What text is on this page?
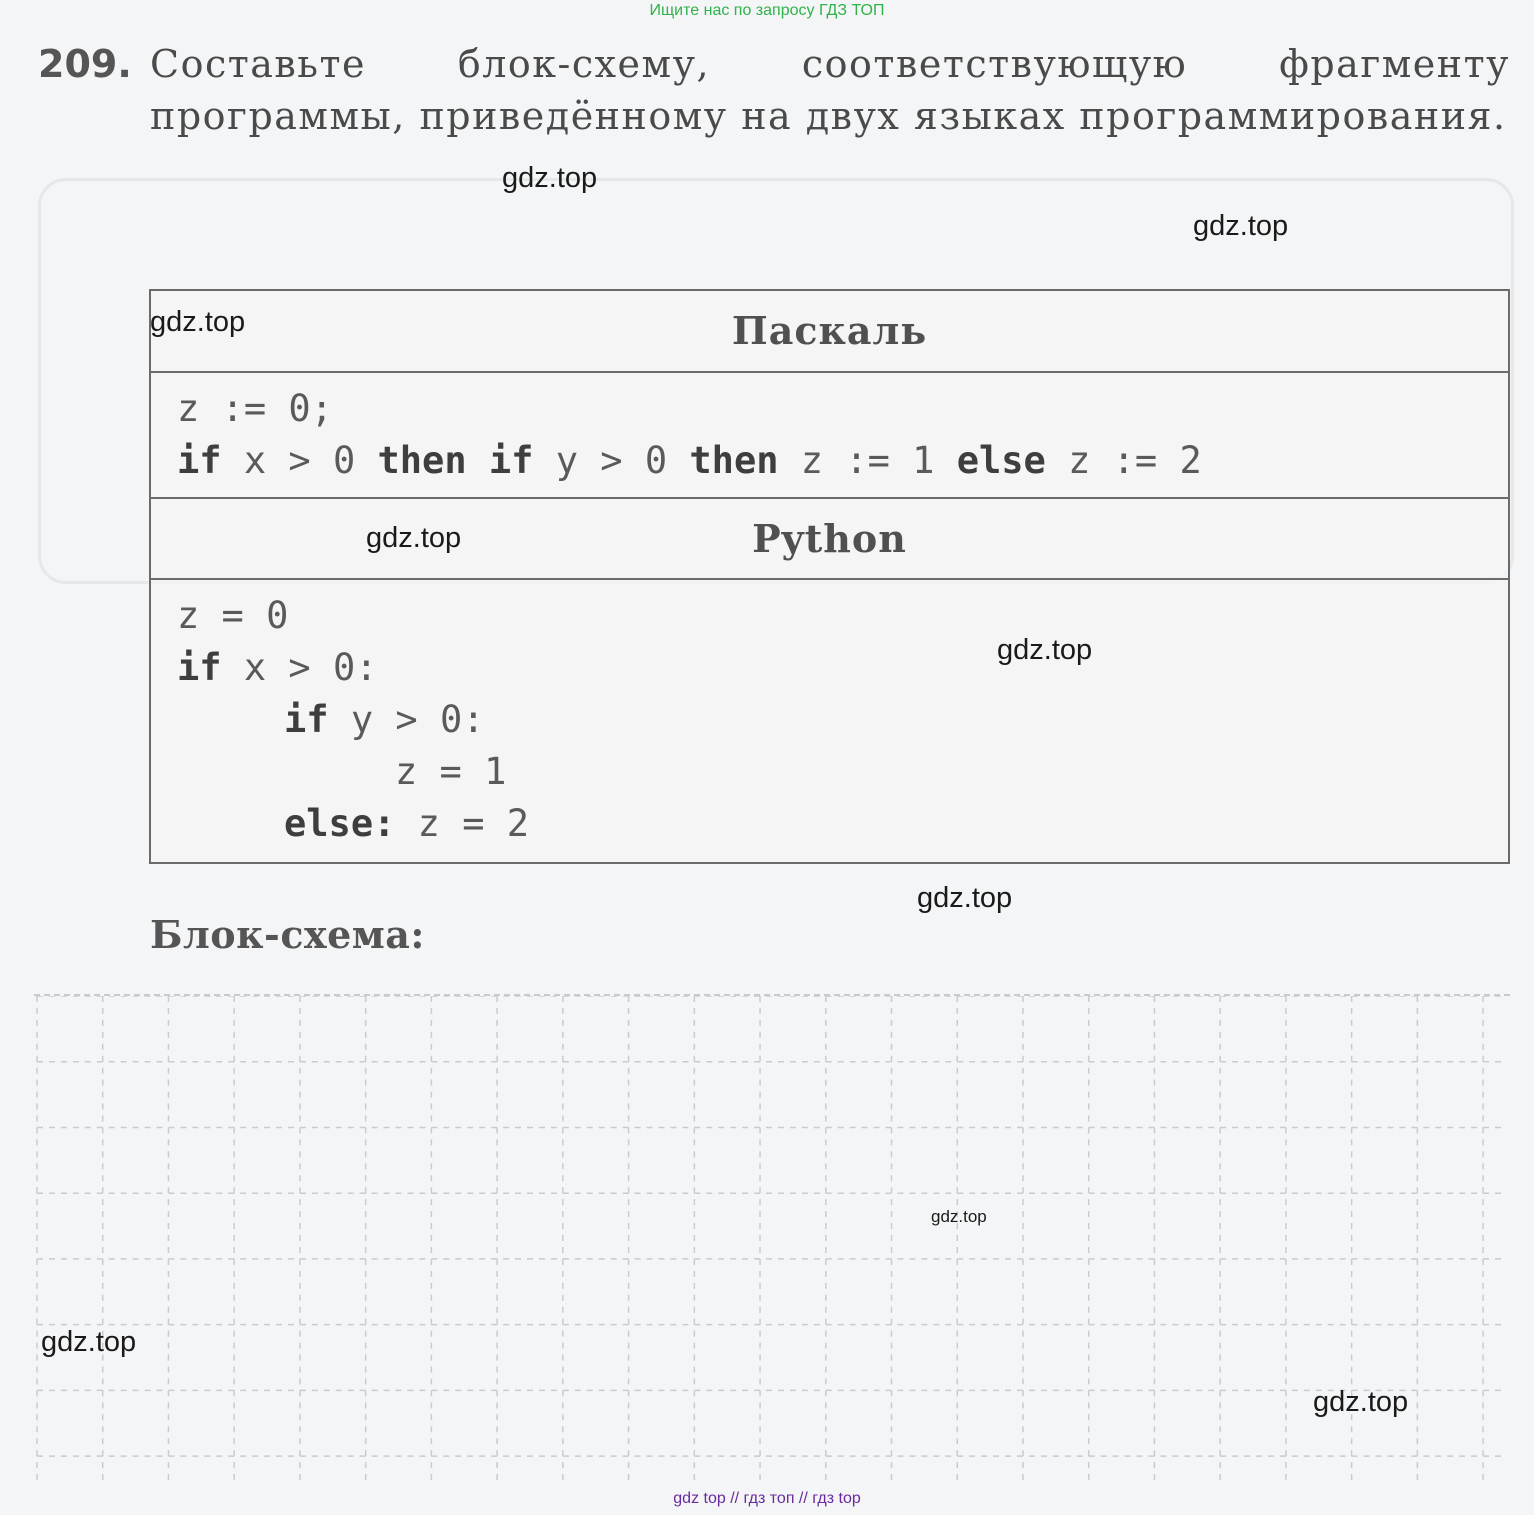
Ищите нас по запросу ГДЗ ТОП
209. Составьте блок-схему, соответствующую фрагменту программы, приведённому на двух языках программирования.
Паскаль
z := 0;
if x > 0 then if y > 0 then z := 1 else z := 2
Python
z = 0
if x > 0:
if y > 0:
z = 1
else: z = 2
Блок-схема:
gdz.top
gdz.top
gdz.top
gdz.top
gdz.top
gdz.top
gdz.top
gdz.top
gdz.top
gdz top // гдз топ // гдз top
